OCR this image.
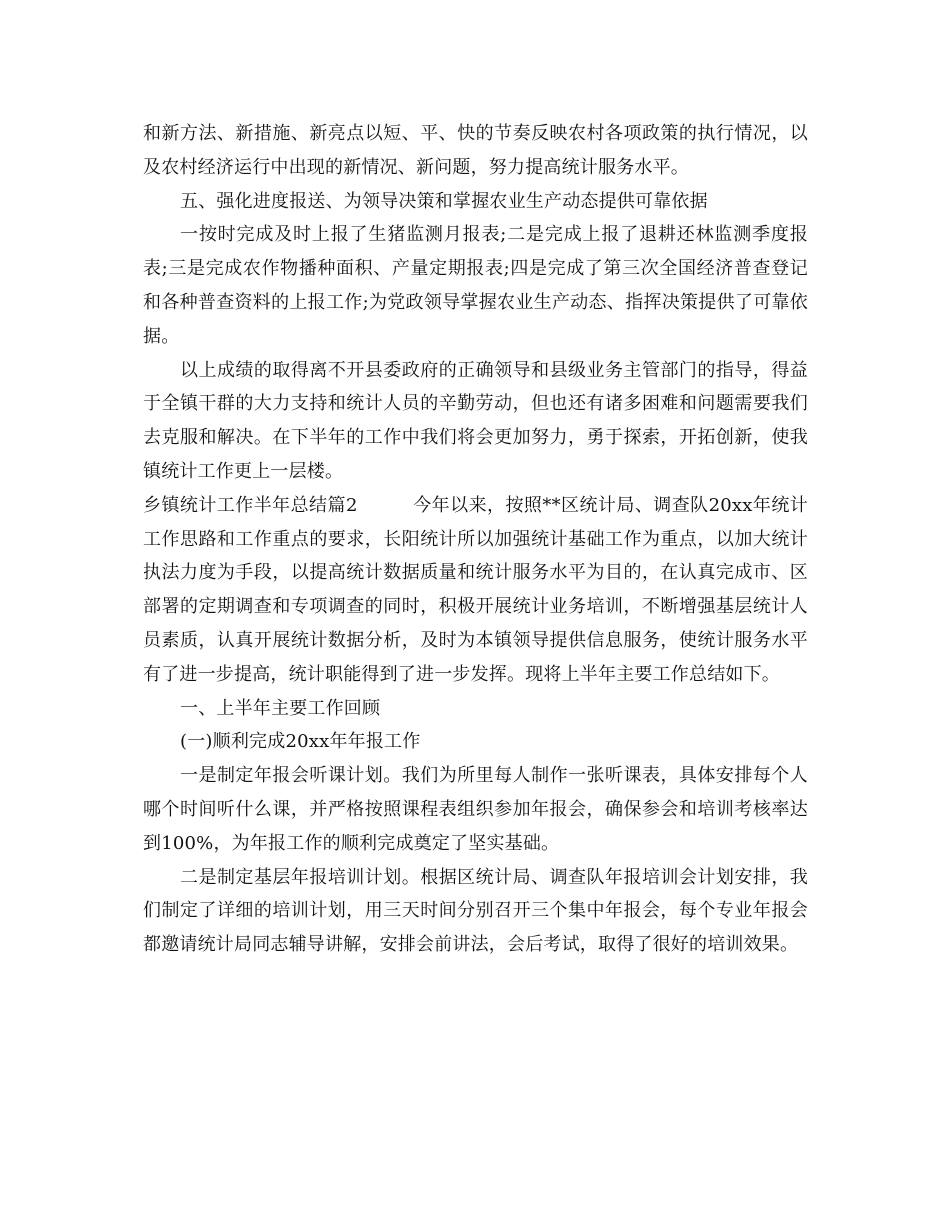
和新方法、新措施、新亮点以短、平、快的节奏反映农村各项政策的执行情况，以及农村经济运行中出现的新情况、新问题，努力提高统计服务水平。

五、强化进度报送、为领导决策和掌握农业生产动态提供可靠依据

一按时完成及时上报了生猪监测月报表;二是完成上报了退耕还林监测季度报表;三是完成农作物播种面积、产量定期报表;四是完成了第三次全国经济普查登记和各种普查资料的上报工作;为党政领导掌握农业生产动态、指挥决策提供了可靠依据。

以上成绩的取得离不开县委政府的正确领导和县级业务主管部门的指导，得益于全镇干群的大力支持和统计人员的辛勤劳动，但也还有诸多困难和问题需要我们去克服和解决。在下半年的工作中我们将会更加努力，勇于探索，开拓创新，使我镇统计工作更上一层楼。

乡镇统计工作半年总结篇2　　　今年以来，按照**区统计局、调查队20xx年统计工作思路和工作重点的要求，长阳统计所以加强统计基础工作为重点，以加大统计执法力度为手段，以提高统计数据质量和统计服务水平为目的，在认真完成市、区部署的定期调查和专项调查的同时，积极开展统计业务培训，不断增强基层统计人员素质，认真开展统计数据分析，及时为本镇领导提供信息服务，使统计服务水平有了进一步提高，统计职能得到了进一步发挥。现将上半年主要工作总结如下。

一、上半年主要工作回顾

(一)顺利完成20xx年年报工作

一是制定年报会听课计划。我们为所里每人制作一张听课表，具体安排每个人哪个时间听什么课，并严格按照课程表组织参加年报会，确保参会和培训考核率达到100%，为年报工作的顺利完成奠定了坚实基础。

二是制定基层年报培训计划。根据区统计局、调查队年报培训会计划安排，我们制定了详细的培训计划，用三天时间分别召开三个集中年报会，每个专业年报会都邀请统计局同志辅导讲解，安排会前讲法，会后考试，取得了很好的培训效果。
